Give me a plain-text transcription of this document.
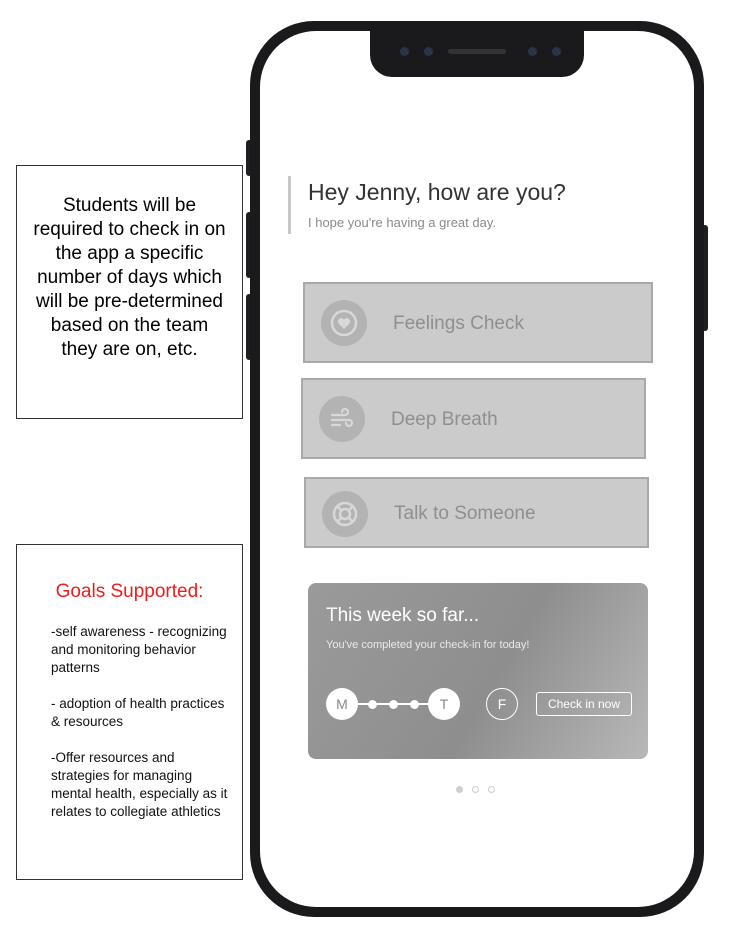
Students will be required to check in on the app a specific number of days which will be pre-determined based on the team they are on, etc.
Goals Supported:
-self awareness - recognizing and monitoring behavior patterns
- adoption of health practices & resources
-Offer resources and strategies for managing mental health, especially as it relates to collegiate athletics
Hey Jenny, how are you?
I hope you're having a great day.
Feelings Check
Deep Breath
Talk to Someone
This week so far...
You've completed your check-in for today!
M	T	F	Check in now
